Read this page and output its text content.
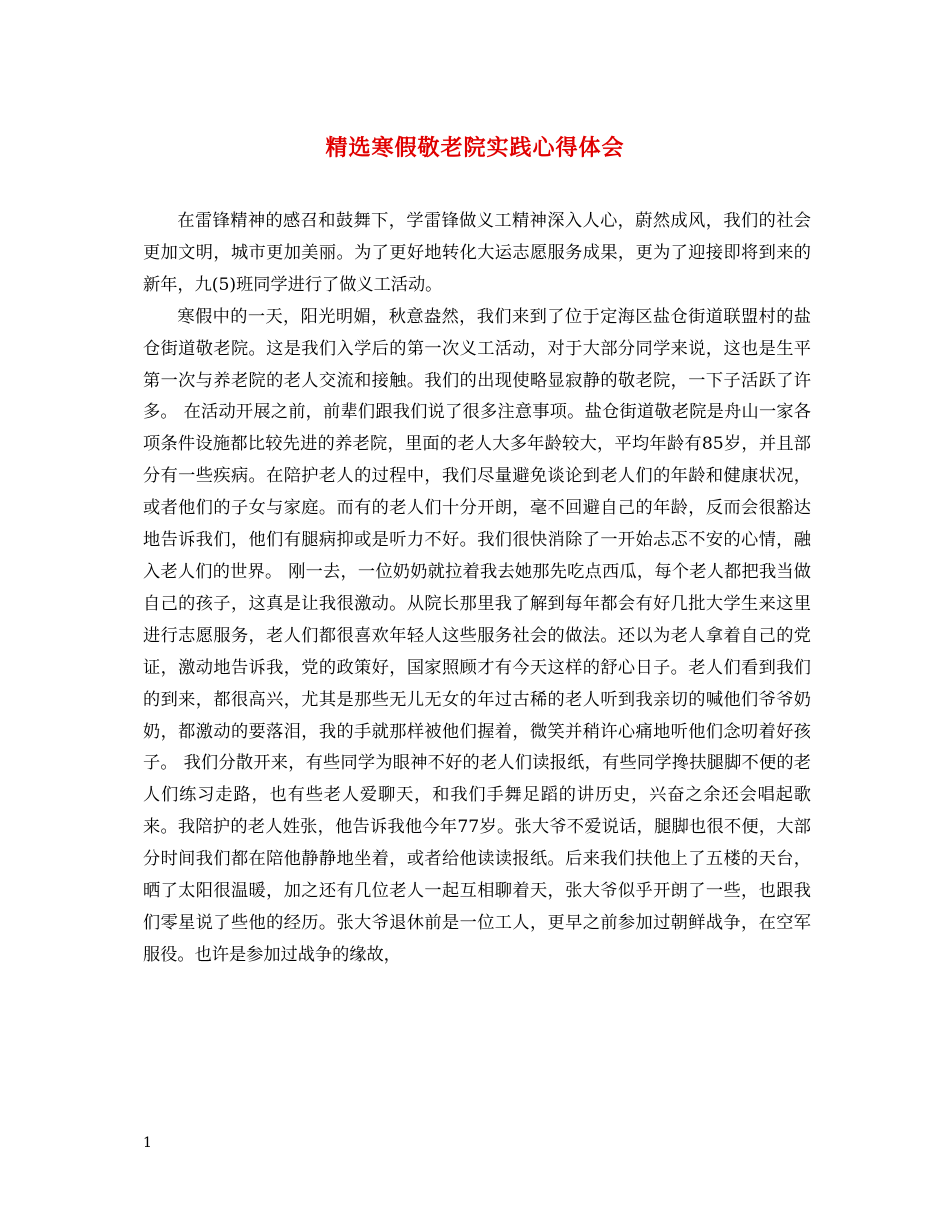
精选寒假敬老院实践心得体会

在雷锋精神的感召和鼓舞下，学雷锋做义工精神深入人心，蔚然成风，我们的社会更加文明，城市更加美丽。为了更好地转化大运志愿服务成果，更为了迎接即将到来的新年，九(5)班同学进行了做义工活动。

寒假中的一天，阳光明媚，秋意盎然，我们来到了位于定海区盐仓街道联盟村的盐仓街道敬老院。这是我们入学后的第一次义工活动，对于大部分同学来说，这也是生平第一次与养老院的老人交流和接触。我们的出现使略显寂静的敬老院，一下子活跃了许多。 在活动开展之前，前辈们跟我们说了很多注意事项。盐仓街道敬老院是舟山一家各项条件设施都比较先进的养老院，里面的老人大多年龄较大，平均年龄有85岁，并且部分有一些疾病。在陪护老人的过程中，我们尽量避免谈论到老人们的年龄和健康状况，或者他们的子女与家庭。而有的老人们十分开朗，毫不回避自己的年龄，反而会很豁达地告诉我们，他们有腿病抑或是听力不好。我们很快消除了一开始忐忑不安的心情，融入老人们的世界。 刚一去，一位奶奶就拉着我去她那先吃点西瓜，每个老人都把我当做自己的孩子，这真是让我很激动。从院长那里我了解到每年都会有好几批大学生来这里进行志愿服务，老人们都很喜欢年轻人这些服务社会的做法。还以为老人拿着自己的党证，激动地告诉我，党的政策好，国家照顾才有今天这样的舒心日子。老人们看到我们的到来，都很高兴，尤其是那些无儿无女的年过古稀的老人听到我亲切的喊他们爷爷奶奶，都激动的要落泪，我的手就那样被他们握着，微笑并稍许心痛地听他们念叨着好孩子。 我们分散开来，有些同学为眼神不好的老人们读报纸，有些同学搀扶腿脚不便的老人们练习走路，也有些老人爱聊天，和我们手舞足蹈的讲历史，兴奋之余还会唱起歌来。我陪护的老人姓张，他告诉我他今年77岁。张大爷不爱说话，腿脚也很不便，大部分时间我们都在陪他静静地坐着，或者给他读读报纸。后来我们扶他上了五楼的天台，晒了太阳很温暖，加之还有几位老人一起互相聊着天，张大爷似乎开朗了一些，也跟我们零星说了些他的经历。张大爷退休前是一位工人，更早之前参加过朝鲜战争，在空军服役。也许是参加过战争的缘故，

1
